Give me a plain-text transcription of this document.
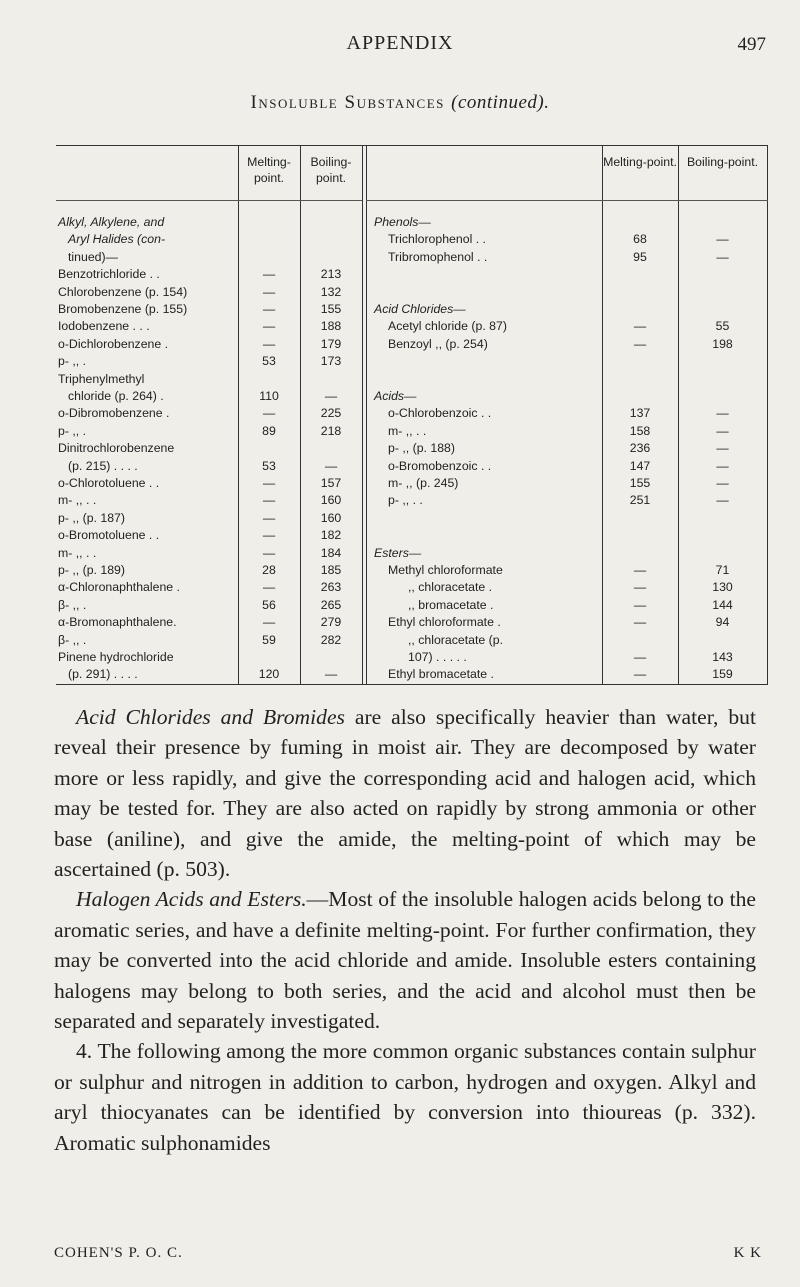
APPENDIX	497
Insoluble Substances (continued).
Melting-point.
Boiling-point.
Melting-point. Boiling-point.
Alkyl, Alkylene, and
Aryl Halides (con-
tinued)—
Benzotrichloride . .	—	213
Chlorobenzene (p. 154)	—	132
Bromobenzene (p. 155)	—	155
Iodobenzene . . .	—	188
o-Dichlorobenzene .	—	179
p- ,, .	53	173
Triphenylmethyl
chloride (p. 264) .	110	—
o-Dibromobenzene .	—	225
p- ,, .	89	218
Dinitrochlorobenzene
(p. 215) . . . .	53	—
o-Chlorotoluene . .	—	157
m- ,, . .	—	160
p- ,, (p. 187)	—	160
o-Bromotoluene . .	—	182
m- ,, . .	—	184
p- ,, (p. 189)	28	185
α-Chloronaphthalene .	—	263
β- ,, .	56	265
α-Bromonaphthalene.	—	279
β- ,, .	59	282
Pinene hydrochloride
(p. 291) . . . .	120	—
Phenols—
Trichlorophenol . .	68	—
Tribromophenol . .	95	—
Acid Chlorides—
Acetyl chloride (p. 87)	—	55
Benzoyl ,, (p. 254)	—	198
Acids—
o-Chlorobenzoic . .	137	—
m- ,, . .	158	—
p- ,, (p. 188)	236	—
o-Bromobenzoic . .	147	—
m- ,, (p. 245)	155	—
p- ,, . .	251	—
Esters—
Methyl chloroformate	—	71
,, chloracetate .	—	130
,, bromacetate .	—	144
Ethyl chloroformate .	—	94
,, chloracetate (p.
107) . . . . .	—	143
Ethyl bromacetate .	—	159

Acid Chlorides and Bromides are also specifically heavier than water, but reveal their presence by fuming in moist air. They are decomposed by water more or less rapidly, and give the corresponding acid and halogen acid, which may be tested for. They are also acted on rapidly by strong ammonia or other base (aniline), and give the amide, the melting-point of which may be ascertained (p. 503).

Halogen Acids and Esters.—Most of the insoluble halogen acids belong to the aromatic series, and have a definite melting-point. For further confirmation, they may be converted into the acid chloride and amide. Insoluble esters containing halogens may belong to both series, and the acid and alcohol must then be separated and separately investigated.

4. The following among the more common organic substances contain sulphur or sulphur and nitrogen in addition to carbon, hydrogen and oxygen. Alkyl and aryl thiocyanates can be identified by conversion into thioureas (p. 332). Aromatic sulphonamides

COHEN'S P. O. C.	K K
